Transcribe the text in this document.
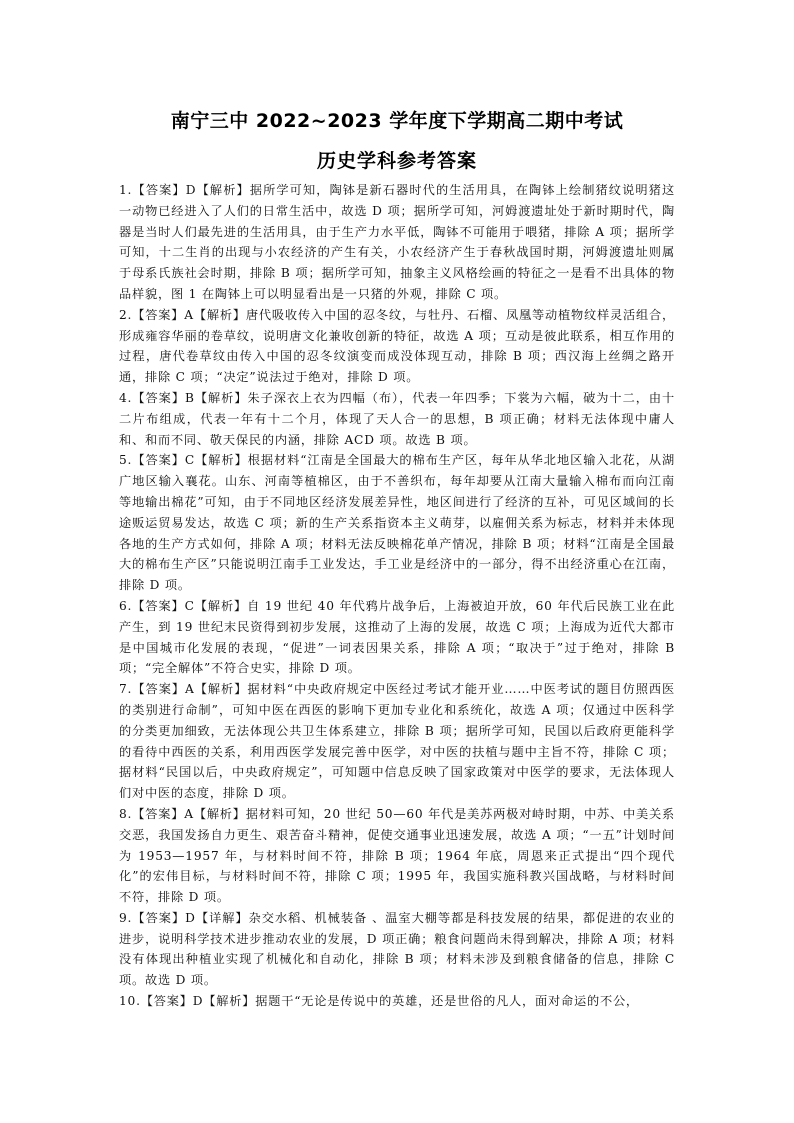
南宁三中 2022~2023 学年度下学期高二期中考试
历史学科参考答案

1.【答案】D【解析】据所学可知，陶钵是新石器时代的生活用具，在陶钵上绘制猪纹说明猪这一动物已经进入了人们的日常生活中，故选 D 项；据所学可知，河姆渡遗址处于新时期时代，陶器是当时人们最先进的生活用具，由于生产力水平低，陶钵不可能用于喂猪，排除 A 项；据所学可知，十二生肖的出现与小农经济的产生有关，小农经济产生于春秋战国时期，河姆渡遗址则属于母系氏族社会时期，排除 B 项；据所学可知，抽象主义风格绘画的特征之一是看不出具体的物品样貌，图 1 在陶钵上可以明显看出是一只猪的外观，排除 C 项。

2.【答案】A【解析】唐代吸收传入中国的忍冬纹，与牡丹、石榴、凤凰等动植物纹样灵活组合，形成雍容华丽的卷草纹，说明唐文化兼收创新的特征，故选 A 项；互动是彼此联系，相互作用的过程，唐代卷草纹由传入中国的忍冬纹演变而成没体现互动，排除 B 项；西汉海上丝绸之路开通，排除 C 项；“决定”说法过于绝对，排除 D 项。

4.【答案】B【解析】朱子深衣上衣为四幅（布），代表一年四季；下裳为六幅，破为十二，由十二片布组成，代表一年有十二个月，体现了天人合一的思想，B 项正确；材料无法体现中庸人　和、和而不同、敬天保民的内涵，排除 ACD 项。故选 B 项。

5.【答案】C【解析】根据材料“江南是全国最大的棉布生产区，每年从华北地区输入北花，从湖广地区输入襄花。山东、河南等植棉区，由于不善织布，每年却要从江南大量输入棉布而向江南等地输出棉花”可知，由于不同地区经济发展差异性，地区间进行了经济的互补，可见区域间的长途贩运贸易发达，故选 C 项；新的生产关系指资本主义萌芽，以雇佣关系为标志，材料并未体现各地的生产方式如何，排除 A 项；材料无法反映棉花单产情况，排除 B 项；材料“江南是全国最大的棉布生产区”只能说明江南手工业发达，手工业是经济中的一部分，得不出经济重心在江南，排除 D 项。

6.【答案】C【解析】自 19 世纪 40 年代鸦片战争后，上海被迫开放，60 年代后民族工业在此产生，到 19 世纪末民资得到初步发展，这推动了上海的发展，故选 C 项；上海成为近代大都市是中国城市化发展的表现，“促进”一词表因果关系，排除 A 项；“取决于”过于绝对，排除 B 项；“完全解体”不符合史实，排除 D 项。

7.【答案】A【解析】据材料“中央政府规定中医经过考试才能开业……中医考试的题目仿照西医的类别进行命制”，可知中医在西医的影响下更加专业化和系统化，故选 A 项；仅通过中医科学的分类更加细致，无法体现公共卫生体系建立，排除 B 项；据所学可知，民国以后政府更能科学的看待中西医的关系，利用西医学发展完善中医学，对中医的扶植与题中主旨不符，排除 C 项；据材料“民国以后，中央政府规定”，可知题中信息反映了国家政策对中医学的要求，无法体现人们对中医的态度，排除 D 项。

8.【答案】A【解析】据材料可知，20 世纪 50—60 年代是美苏两极对峙时期，中苏、中美关系交恶，我国发扬自力更生、艰苦奋斗精神，促使交通事业迅速发展，故选 A 项；“一五”计划时间为 1953—1957 年，与材料时间不符，排除 B 项；1964 年底，周恩来正式提出“四个现代化”的宏伟目标，与材料时间不符，排除 C 项；1995 年，我国实施科教兴国战略，与材料时间不符，排除 D 项。

9.【答案】D【详解】杂交水稻、机械装备 、温室大棚等都是科技发展的结果，都促进的农业的进步，说明科学技术进步推动农业的发展，D 项正确；粮食问题尚未得到解决，排除 A 项；材料没有体现出种植业实现了机械化和自动化，排除 B 项；材料未涉及到粮食储备的信息，排除 C 项。故选 D 项。

10.【答案】D【解析】据题干“无论是传说中的英雄，还是世俗的凡人，面对命运的不公，
